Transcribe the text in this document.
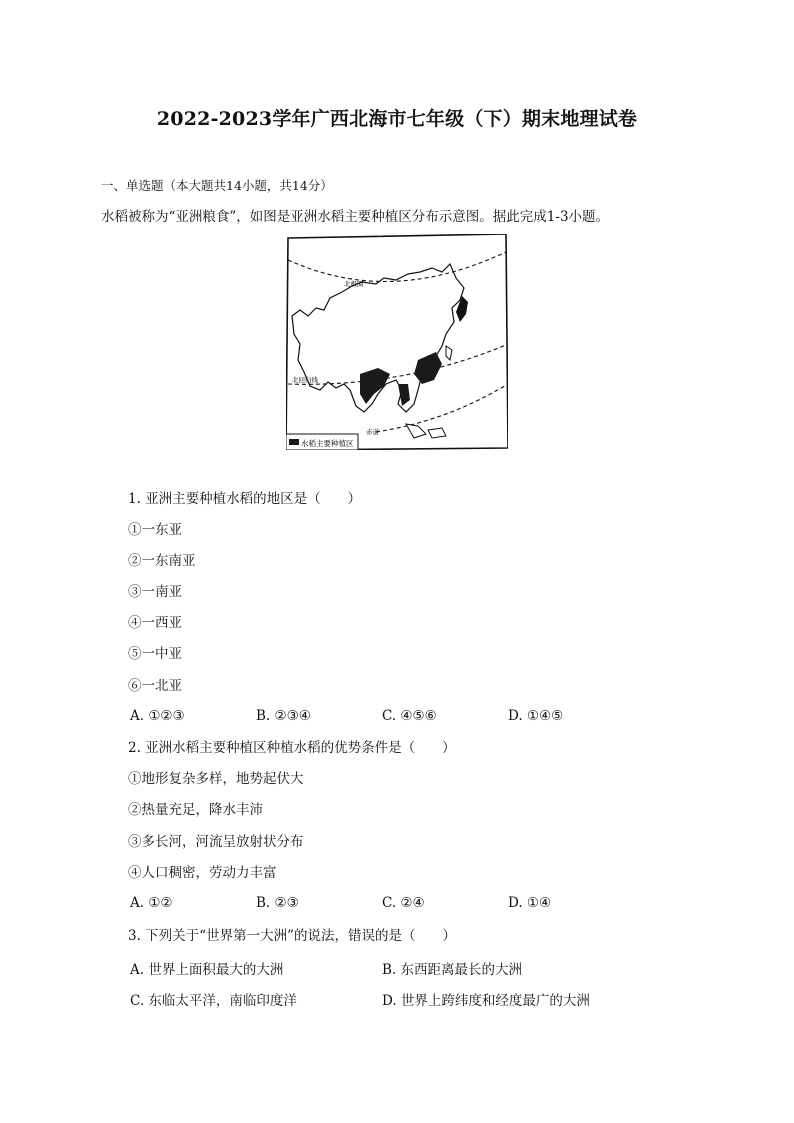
2022-2023学年广西北海市七年级（下）期末地理试卷
一、单选题（本大题共14小题，共14分）
水稻被称为“亚洲粮食”，如图是亚洲水稻主要种植区分布示意图。据此完成1-3小题。
水稻主要种植区
北极圈
北回归线
赤道
1. 亚洲主要种植水稻的地区是（　　）
①一东亚
②一东南亚
③一南亚
④一西亚
⑤一中亚
⑥一北亚
A. ①②③	B. ②③④	C. ④⑤⑥	D. ①④⑤
2. 亚洲水稻主要种植区种植水稻的优势条件是（　　）
①地形复杂多样，地势起伏大
②热量充足，降水丰沛
③多长河，河流呈放射状分布
④人口稠密，劳动力丰富
A. ①②	B. ②③	C. ②④	D. ①④
3. 下列关于“世界第一大洲”的说法，错误的是（　　）
A. 世界上面积最大的大洲	B. 东西距离最长的大洲
C. 东临太平洋，南临印度洋	D. 世界上跨纬度和经度最广的大洲
